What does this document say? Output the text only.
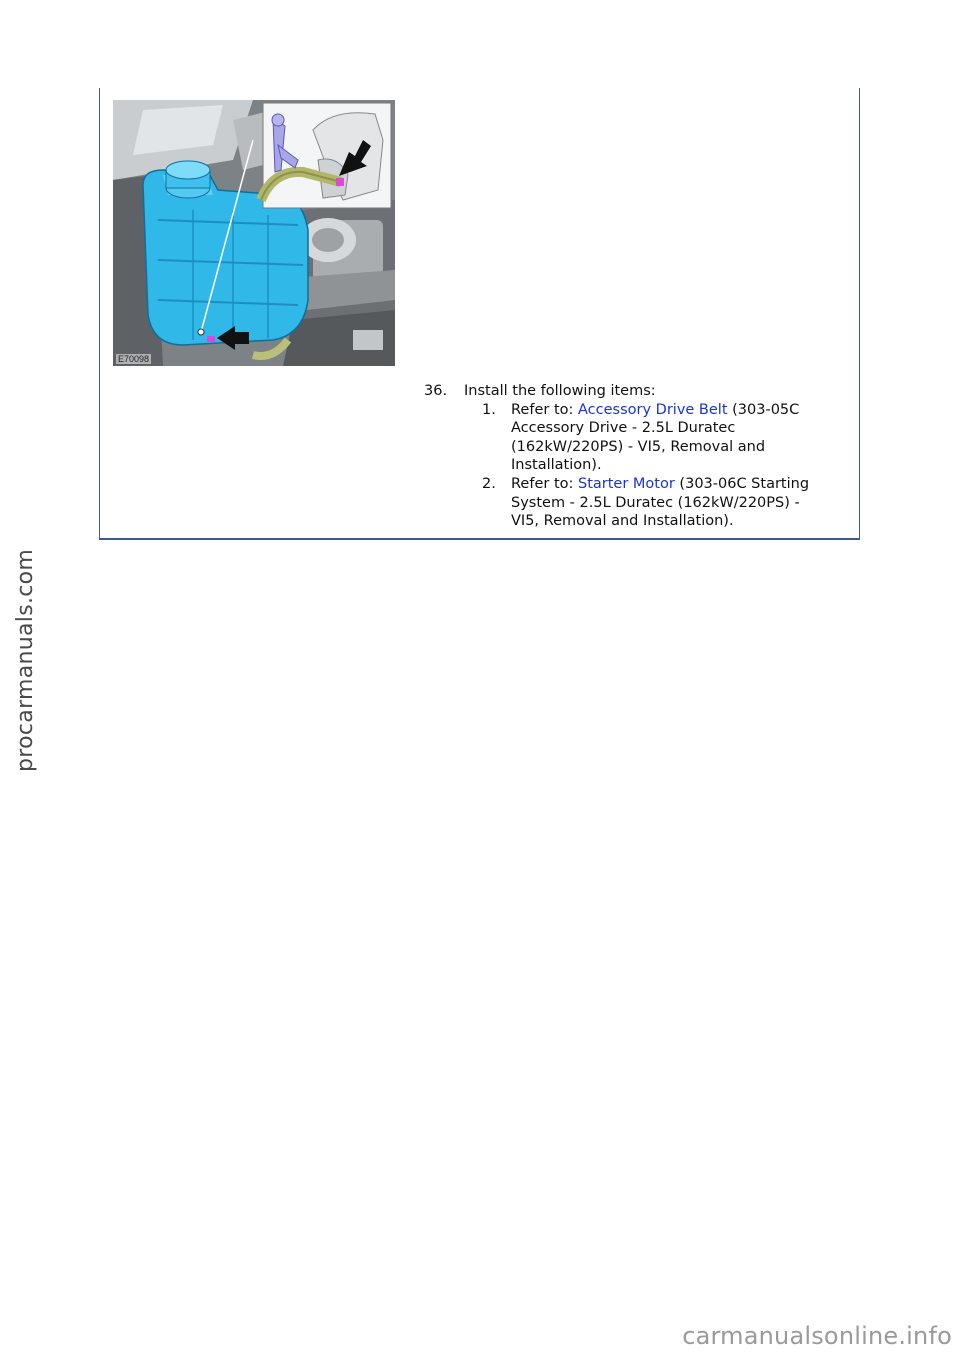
E70098
36. Install the following items:
1. Refer to: Accessory Drive Belt (303-05C
Accessory Drive - 2.5L Duratec
(162kW/220PS) - VI5, Removal and
Installation).
2. Refer to: Starter Motor (303-06C Starting
System - 2.5L Duratec (162kW/220PS) -
VI5, Removal and Installation).
procarmanuals.com
carmanualsonline.info
